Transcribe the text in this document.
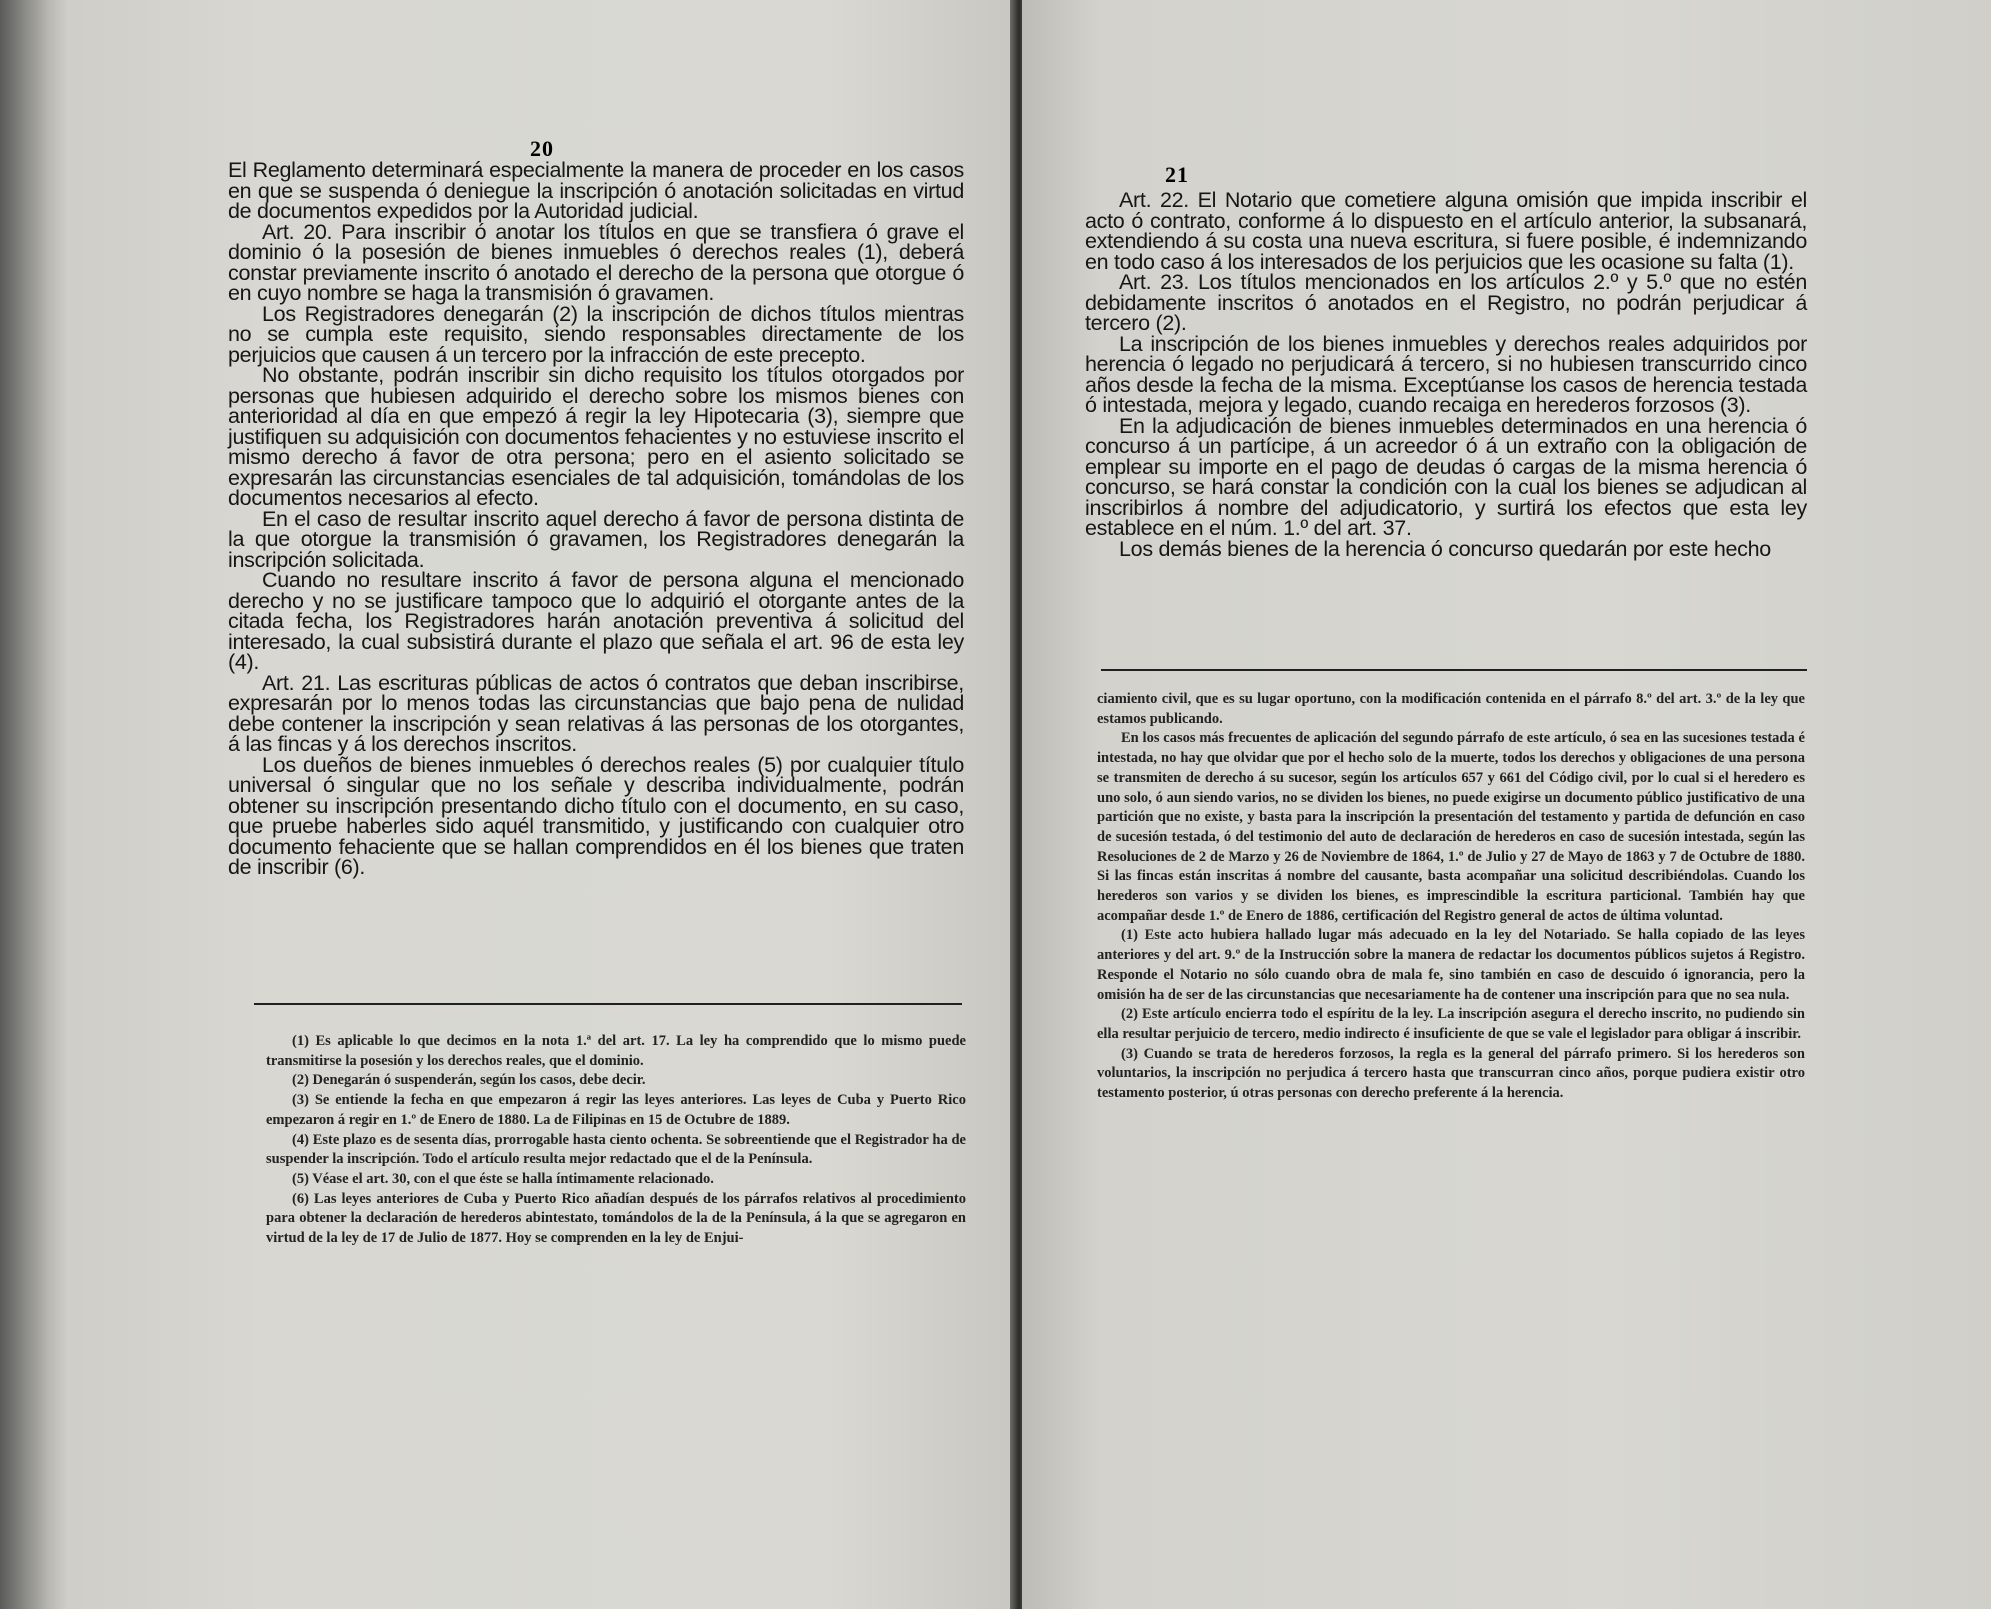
20

El Reglamento determinará especialmente la manera de proceder en los casos en que se suspenda ó deniegue la inscripción ó anotación solicitadas en virtud de documentos expedidos por la Autoridad judicial.

Art. 20. Para inscribir ó anotar los títulos en que se transfiera ó grave el dominio ó la posesión de bienes inmuebles ó derechos reales (1), deberá constar previamente inscrito ó anotado el derecho de la persona que otorgue ó en cuyo nombre se haga la transmisión ó gravamen.

Los Registradores denegarán (2) la inscripción de dichos títulos mientras no se cumpla este requisito, siendo responsables directamente de los perjuicios que causen á un tercero por la infracción de este precepto.

No obstante, podrán inscribir sin dicho requisito los títulos otorgados por personas que hubiesen adquirido el derecho sobre los mismos bienes con anterioridad al día en que empezó á regir la ley Hipotecaria (3), siempre que justifiquen su adquisición con documentos fehacientes y no estuviese inscrito el mismo derecho á favor de otra persona; pero en el asiento solicitado se expresarán las circunstancias esenciales de tal adquisición, tomándolas de los documentos necesarios al efecto.

En el caso de resultar inscrito aquel derecho á favor de persona distinta de la que otorgue la transmisión ó gravamen, los Registradores denegarán la inscripción solicitada.

Cuando no resultare inscrito á favor de persona alguna el mencionado derecho y no se justificare tampoco que lo adquirió el otorgante antes de la citada fecha, los Registradores harán anotación preventiva á solicitud del interesado, la cual subsistirá durante el plazo que señala el art. 96 de esta ley (4).

Art. 21. Las escrituras públicas de actos ó contratos que deban inscribirse, expresarán por lo menos todas las circunstancias que bajo pena de nulidad debe contener la inscripción y sean relativas á las personas de los otorgantes, á las fincas y á los derechos inscritos.

Los dueños de bienes inmuebles ó derechos reales (5) por cualquier título universal ó singular que no los señale y describa individualmente, podrán obtener su inscripción presentando dicho título con el documento, en su caso, que pruebe haberles sido aquél transmitido, y justificando con cualquier otro documento fehaciente que se hallan comprendidos en él los bienes que traten de inscribir (6).

(1) Es aplicable lo que decimos en la nota 1.ª del art. 17. La ley ha comprendido que lo mismo puede transmitirse la posesión y los derechos reales, que el dominio.

(2) Denegarán ó suspenderán, según los casos, debe decir.

(3) Se entiende la fecha en que empezaron á regir las leyes anteriores. Las leyes de Cuba y Puerto Rico empezaron á regir en 1.º de Enero de 1880. La de Filipinas en 15 de Octubre de 1889.

(4) Este plazo es de sesenta días, prorrogable hasta ciento ochenta. Se sobreentiende que el Registrador ha de suspender la inscripción. Todo el artículo resulta mejor redactado que el de la Península.

(5) Véase el art. 30, con el que éste se halla íntimamente relacionado.

(6) Las leyes anteriores de Cuba y Puerto Rico añadían después de los párrafos relativos al procedimiento para obtener la declaración de herederos abintestato, tomándolos de la de la Península, á la que se agregaron en virtud de la ley de 17 de Julio de 1877. Hoy se comprenden en la ley de Enjui-

21

Art. 22. El Notario que cometiere alguna omisión que impida inscribir el acto ó contrato, conforme á lo dispuesto en el artículo anterior, la subsanará, extendiendo á su costa una nueva escritura, si fuere posible, é indemnizando en todo caso á los interesados de los perjuicios que les ocasione su falta (1).

Art. 23. Los títulos mencionados en los artículos 2.º y 5.º que no estén debidamente inscritos ó anotados en el Registro, no podrán perjudicar á tercero (2).

La inscripción de los bienes inmuebles y derechos reales adquiridos por herencia ó legado no perjudicará á tercero, si no hubiesen transcurrido cinco años desde la fecha de la misma. Exceptúanse los casos de herencia testada ó intestada, mejora y legado, cuando recaiga en herederos forzosos (3).

En la adjudicación de bienes inmuebles determinados en una herencia ó concurso á un partícipe, á un acreedor ó á un extraño con la obligación de emplear su importe en el pago de deudas ó cargas de la misma herencia ó concurso, se hará constar la condición con la cual los bienes se adjudican al inscribirlos á nombre del adjudicatorio, y surtirá los efectos que esta ley establece en el núm. 1.º del art. 37.

Los demás bienes de la herencia ó concurso quedarán por este hecho

ciamiento civil, que es su lugar oportuno, con la modificación contenida en el párrafo 8.º del art. 3.º de la ley que estamos publicando.

En los casos más frecuentes de aplicación del segundo párrafo de este artículo, ó sea en las sucesiones testada é intestada, no hay que olvidar que por el hecho solo de la muerte, todos los derechos y obligaciones de una persona se transmiten de derecho á su sucesor, según los artículos 657 y 661 del Código civil, por lo cual si el heredero es uno solo, ó aun siendo varios, no se dividen los bienes, no puede exigirse un documento público justificativo de una partición que no existe, y basta para la inscripción la presentación del testamento y partida de defunción en caso de sucesión testada, ó del testimonio del auto de declaración de herederos en caso de sucesión intestada, según las Resoluciones de 2 de Marzo y 26 de Noviembre de 1864, 1.º de Julio y 27 de Mayo de 1863 y 7 de Octubre de 1880. Si las fincas están inscritas á nombre del causante, basta acompañar una solicitud describiéndolas. Cuando los herederos son varios y se dividen los bienes, es imprescindible la escritura particional. También hay que acompañar desde 1.º de Enero de 1886, certificación del Registro general de actos de última voluntad.

(1) Este acto hubiera hallado lugar más adecuado en la ley del Notariado. Se halla copiado de las leyes anteriores y del art. 9.º de la Instrucción sobre la manera de redactar los documentos públicos sujetos á Registro. Responde el Notario no sólo cuando obra de mala fe, sino también en caso de descuido ó ignorancia, pero la omisión ha de ser de las circunstancias que necesariamente ha de contener una inscripción para que no sea nula.

(2) Este artículo encierra todo el espíritu de la ley. La inscripción asegura el derecho inscrito, no pudiendo sin ella resultar perjuicio de tercero, medio indirecto é insuficiente de que se vale el legislador para obligar á inscribir.

(3) Cuando se trata de herederos forzosos, la regla es la general del párrafo primero. Si los herederos son voluntarios, la inscripción no perjudica á tercero hasta que transcurran cinco años, porque pudiera existir otro testamento posterior, ú otras personas con derecho preferente á la herencia.
